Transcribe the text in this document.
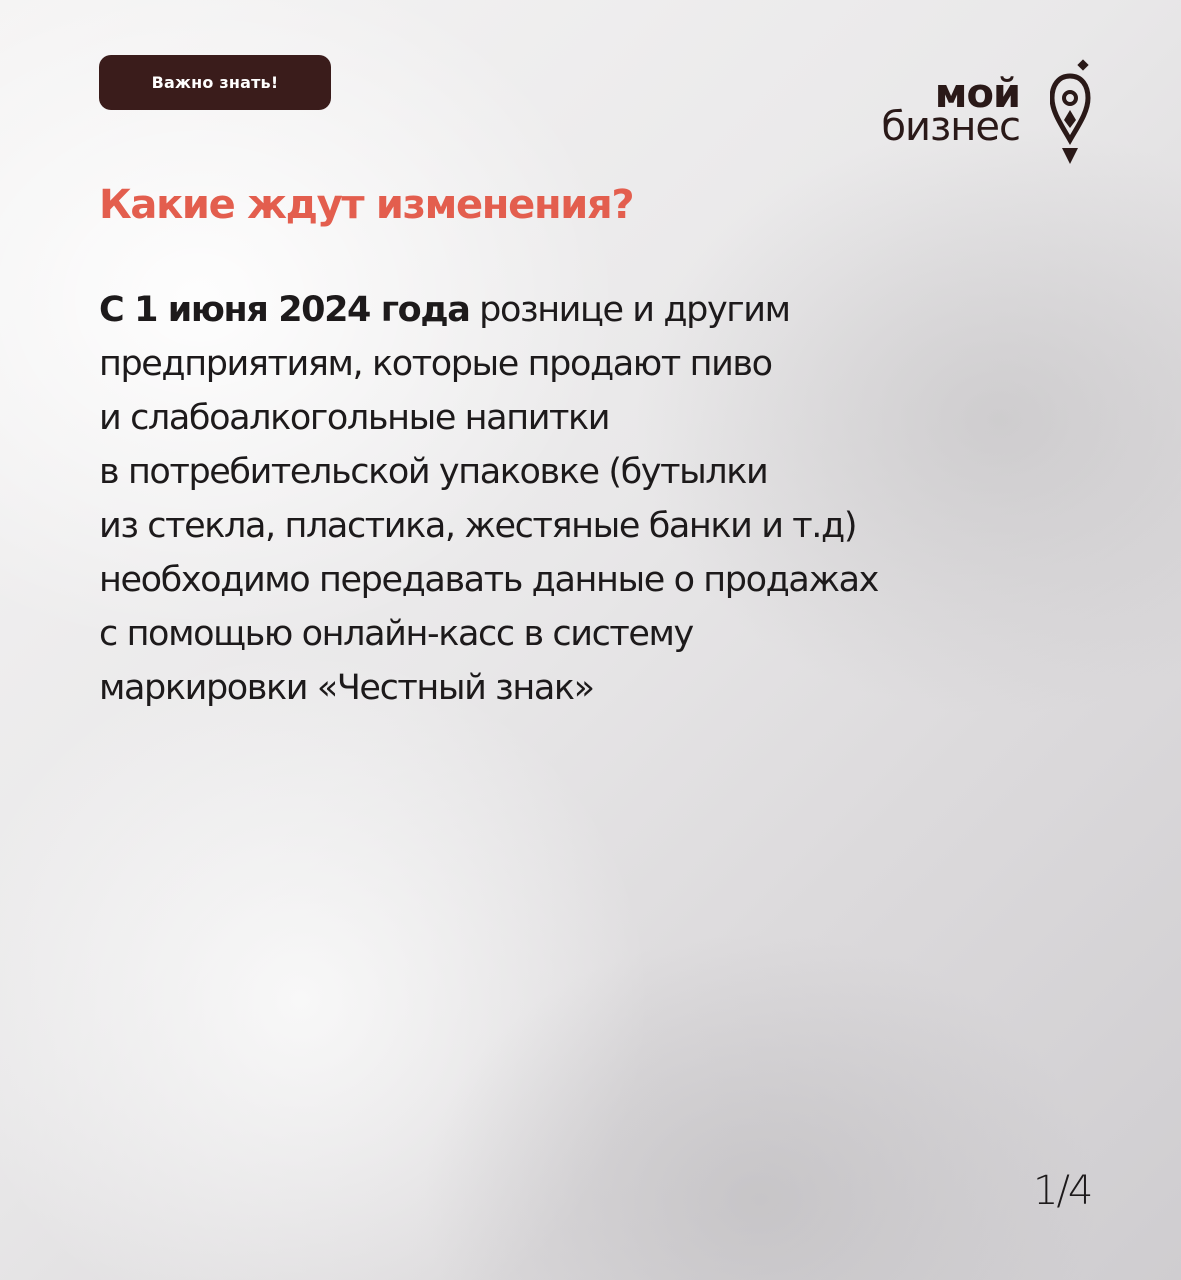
Важно знать!	мой
бизнес
Какие ждут изменения?

С 1 июня 2024 года рознице и другим
предприятиям, которые продают пиво
и слабоалкогольные напитки
в потребительской упаковке (бутылки
из стекла, пластика, жестяные банки и т.д)
необходимо передавать данные о продажах
с помощью онлайн-касс в систему
маркировки «Честный знак»

1/4
